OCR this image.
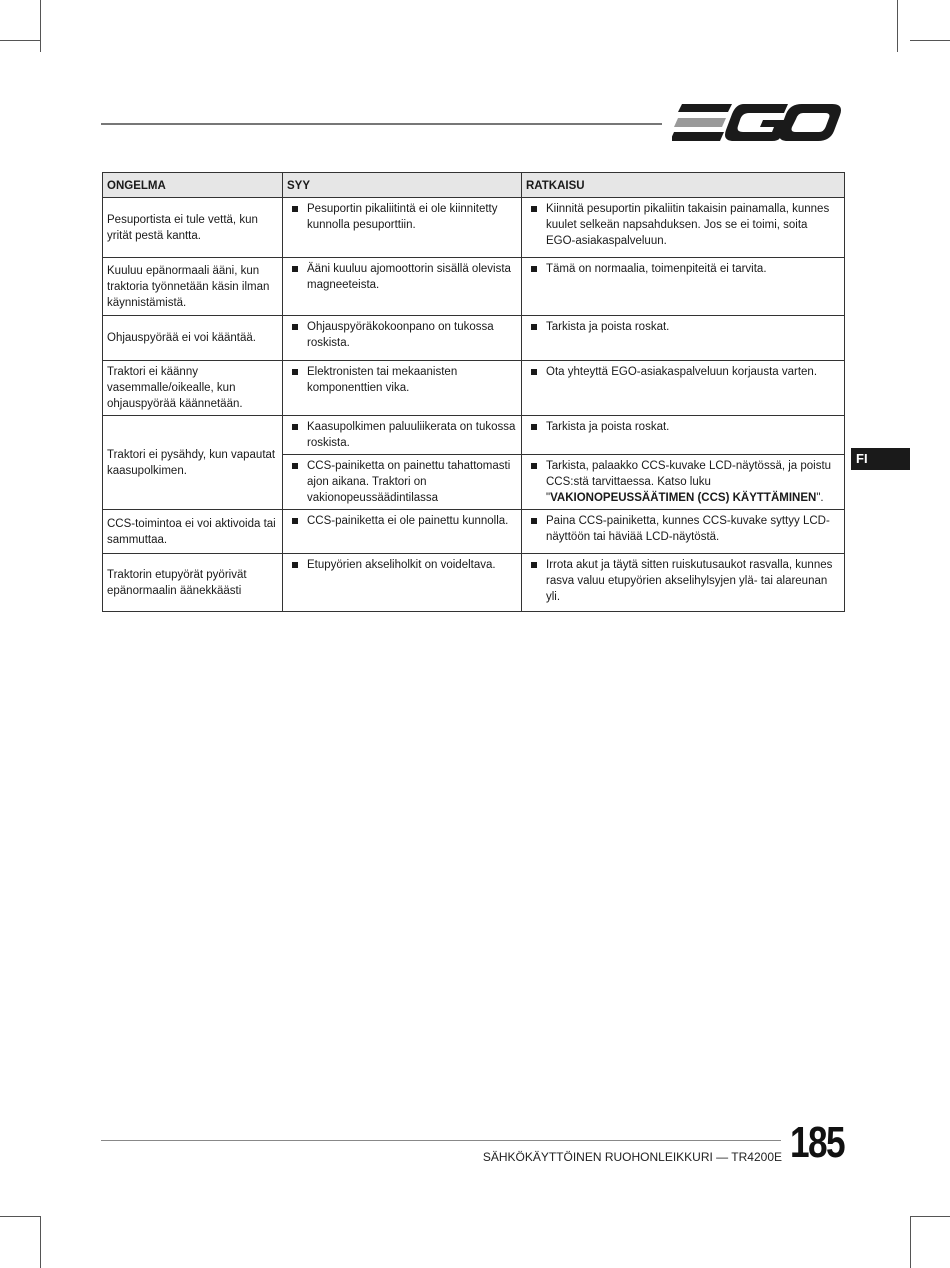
ONGELMA	SYY	RATKAISU
Pesuportista ei tule vettä, kun yrität pestä kantta.	Pesuportin pikaliitintä ei ole kiinnitetty kunnolla pesuporttiin.	Kiinnitä pesuportin pikaliitin takaisin painamalla, kunnes kuulet selkeän napsahduksen. Jos se ei toimi, soita EGO-asiakaspalveluun.

Kuuluu epänormaali ääni, kun traktoria työnnetään käsin ilman käynnistämistä.	Ääni kuuluu ajomoottorin sisällä olevista magneeteista.	Tämä on normaalia, toimenpiteitä ei tarvita.

Ohjauspyörää ei voi kääntää.	Ohjauspyöräkokoonpano on tukossa roskista.	Tarkista ja poista roskat.

Traktori ei käänny vasemmalle/oikealle, kun ohjauspyörää käännetään.	Elektronisten tai mekaanisten komponenttien vika.	Ota yhteyttä EGO-asiakaspalveluun korjausta varten.

Traktori ei pysähdy, kun vapautat kaasupolkimen.	Kaasupolkimen paluuliikerata on tukossa roskista.	Tarkista ja poista roskat.

CCS-painiketta on painettu tahattomasti ajon aikana. Traktori on vakionopeussäädintilassa	Tarkista, palaakko CCS-kuvake LCD-näytössä, ja poistu CCS:stä tarvittaessa. Katso luku "VAKIONOPEUSSÄÄTIMEN (CCS) KÄYTTÄMINEN".

CCS-toimintoa ei voi aktivoida tai sammuttaa.	CCS-painiketta ei ole painettu kunnolla.	Paina CCS-painiketta, kunnes CCS-kuvake syttyy LCD-näyttöön tai häviää LCD-näytöstä.

Traktorin etupyörät pyörivät epänormaalin äänekkäästi	Etupyörien akseliholkit on voideltava.	Irrota akut ja täytä sitten ruiskutusaukot rasvalla, kunnes rasva valuu etupyörien akselihylsyjen ylä- tai alareunan yli.
FI
SÄHKÖKÄYTTÖINEN RUOHONLEIKKURI — TR4200E 185
